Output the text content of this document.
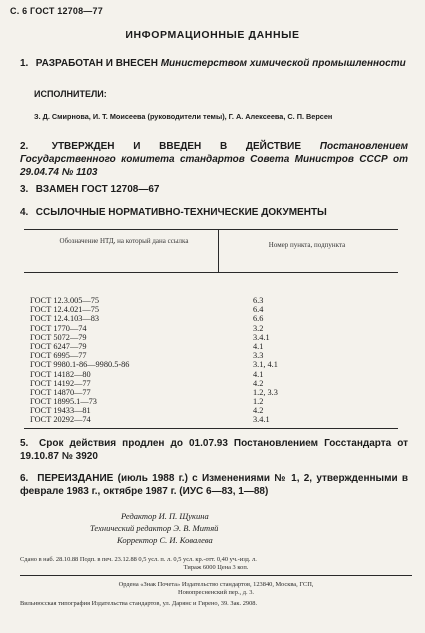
С. 6 ГОСТ 12708—77
ИНФОРМАЦИОННЫЕ ДАННЫЕ
1. РАЗРАБОТАН И ВНЕСЕН Министерством химической промышленности
ИСПОЛНИТЕЛИ:
З. Д. Смирнова, И. Т. Моисеева (руководители темы), Г. А. Алексеева, С. П. Версен
2. УТВЕРЖДЕН И ВВЕДЕН В ДЕЙСТВИЕ Постановлением Государственного комитета стандартов Совета Министров СССР от 29.04.74 № 1103
3. ВЗАМЕН ГОСТ 12708—67
4. ССЫЛОЧНЫЕ НОРМАТИВНО-ТЕХНИЧЕСКИЕ ДОКУМЕНТЫ
Обозначение НТД, на который дана ссылка	Номер пункта, подпункта
ГОСТ 12.3.005—75	6.3
ГОСТ 12.4.021—75	6.4
ГОСТ 12.4.103—83	6.6
ГОСТ 1770—74	3.2
ГОСТ 5072—79	3.4.1
ГОСТ 6247—79	4.1
ГОСТ 6995—77	3.3
ГОСТ 9980.1-86—9980.5-86	3.1, 4.1
ГОСТ 14182—80	4.1
ГОСТ 14192—77	4.2
ГОСТ 14870—77	1.2, 3.3
ГОСТ 18995.1—73	1.2
ГОСТ 19433—81	4.2
ГОСТ 20292—74	3.4.1
5. Срок действия продлен до 01.07.93 Постановлением Госстандарта от 19.10.87 № 3920
6. ПЕРЕИЗДАНИЕ (июль 1988 г.) с Изменениями № 1, 2, утвержденными в феврале 1983 г., октябре 1987 г. (ИУС 6—83, 1—88)
Редактор И. П. Щукина
Технический редактор Э. В. Митяй
Корректор С. И. Ковалева
Сдано в наб. 28.10.88 Подп. в печ. 23.12.88 0,5 усл. п. л. 0,5 усл. кр.-отт. 0,40 уч.-изд. л.
Тираж 6000 Цена 3 коп.
Ордена «Знак Почета» Издательство стандартов, 123840, Москва, ГСП,
Новопресненский пер., д. 3.
Вильнюсская типография Издательства стандартов, ул. Дарянс и Гирено, 39. Зак. 2908.
